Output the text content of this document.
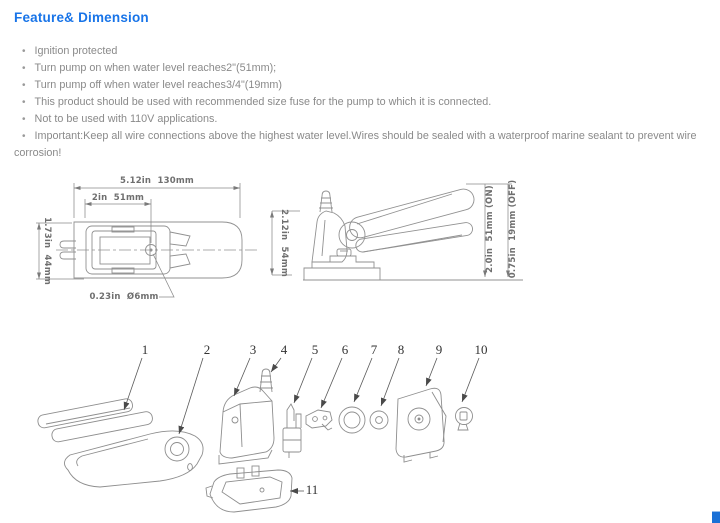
Feature& Dimension
•Ignition protected
•Turn pump on when water level reaches2"(51mm);
•Turn pump off when water level reaches3/4"(19mm)
•This product should be used with recommended size fuse for the pump to which it is connected.
•Not to be used with 110V applications.
•Important:Keep all wire connections above the highest water level.Wires should be sealed with a waterproof marine sealant to prevent wire corrosion!
5.12in  130mm
2in  51mm
1.73in  44mm
0.23in  Ø6mm
2.12in  54mm	2.0in  51mm (ON) 0.75in  19mm (OFF)
1	2	3 4 5 6 7 8 9 10
11
